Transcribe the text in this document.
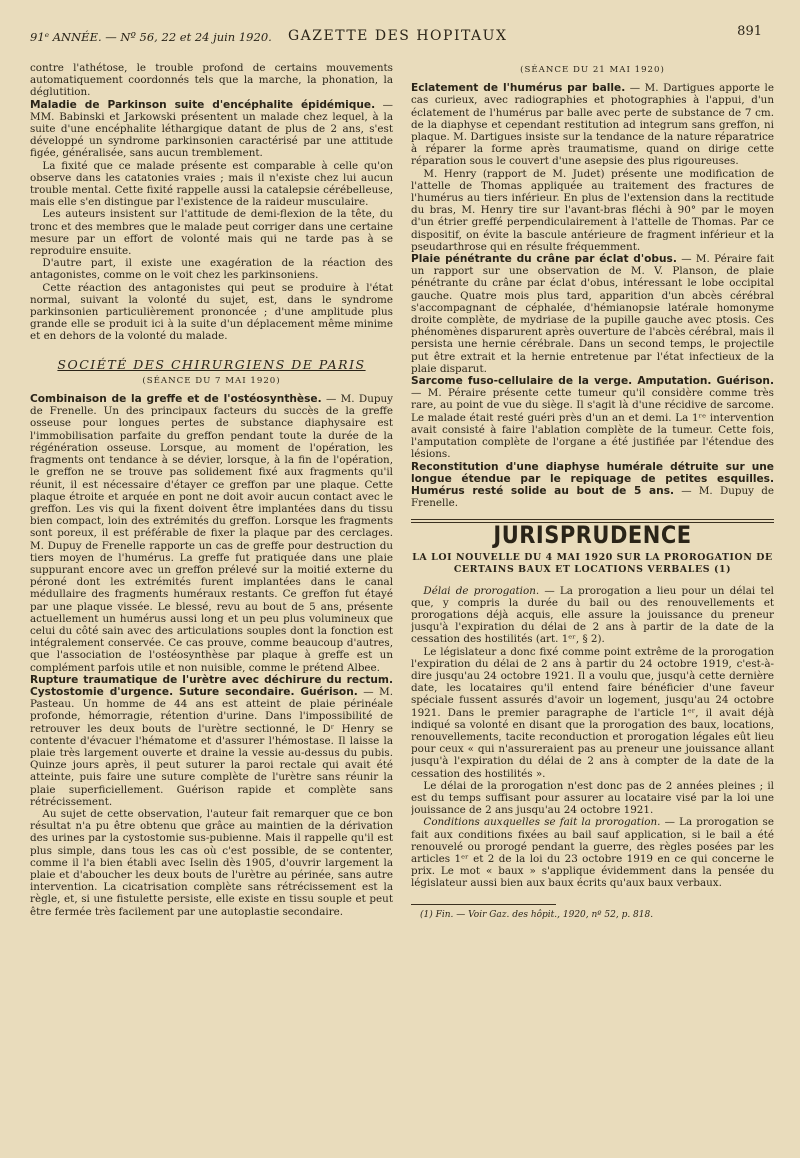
91ᵉ ANNÉE. — Nº 56, 22 et 24 juin 1920. GAZETTE DES HOPITAUX	891

contre l'athétose, le trouble profond de certains mouvements automatiquement coordonnés tels que la marche, la phonation, la déglutition.

Maladie de Parkinson suite d'encéphalite épidémique. — MM. Babinski et Jarkowski présentent un malade chez lequel, à la suite d'une encéphalite léthargique datant de plus de 2 ans, s'est développé un syndrome parkinsonien caractérisé par une attitude figée, généralisée, sans aucun tremblement.

La fixité que ce malade présente est comparable à celle qu'on observe dans les catatonies vraies ; mais il n'existe chez lui aucun trouble mental. Cette fixité rappelle aussi la catalepsie cérébelleuse, mais elle s'en distingue par l'existence de la raideur musculaire.

Les auteurs insistent sur l'attitude de demi-flexion de la tête, du tronc et des membres que le malade peut corriger dans une certaine mesure par un effort de volonté mais qui ne tarde pas à se reproduire ensuite.

D'autre part, il existe une exagération de la réaction des antagonistes, comme on le voit chez les parkinsoniens.

Cette réaction des antagonistes qui peut se produire à l'état normal, suivant la volonté du sujet, est, dans le syndrome parkinsonien particulièrement prononcée ; d'une amplitude plus grande elle se produit ici à la suite d'un déplacement même minime et en dehors de la volonté du malade.

SOCIÉTÉ DES CHIRURGIENS DE PARIS
(SÉANCE DU 7 MAI 1920)

Combinaison de la greffe et de l'ostéosynthèse. — M. Dupuy de Frenelle. Un des principaux facteurs du succès de la greffe osseuse pour longues pertes de substance diaphysaire est l'immobilisation parfaite du greffon pendant toute la durée de la régénération osseuse. Lorsque, au moment de l'opération, les fragments ont tendance à se dévier, lorsque, à la fin de l'opération, le greffon ne se trouve pas solidement fixé aux fragments qu'il réunit, il est nécessaire d'étayer ce greffon par une plaque. Cette plaque étroite et arquée en pont ne doit avoir aucun contact avec le greffon. Les vis qui la fixent doivent être implantées dans du tissu bien compact, loin des extrémités du greffon. Lorsque les fragments sont poreux, il est préférable de fixer la plaque par des cerclages. M. Dupuy de Frenelle rapporte un cas de greffe pour destruction du tiers moyen de l'humérus. La greffe fut pratiquée dans une plaie suppurant encore avec un greffon prélevé sur la moitié externe du péroné dont les extrémités furent implantées dans le canal médullaire des fragments huméraux restants. Ce greffon fut étayé par une plaque vissée. Le blessé, revu au bout de 5 ans, présente actuellement un humérus aussi long et un peu plus volumineux que celui du côté sain avec des articulations souples dont la fonction est intégralement conservée. Ce cas prouve, comme beaucoup d'autres, que l'association de l'ostéosynthèse par plaque à greffe est un complément parfois utile et non nuisible, comme le prétend Albee.

Rupture traumatique de l'urètre avec déchirure du rectum. Cystostomie d'urgence. Suture secondaire. Guérison. — M. Pasteau. Un homme de 44 ans est atteint de plaie périnéale profonde, hémorragie, rétention d'urine. Dans l'impossibilité de retrouver les deux bouts de l'urètre sectionné, le Dʳ Henry se contente d'évacuer l'hématome et d'assurer l'hémostase. Il laisse la plaie très largement ouverte et draine la vessie au-dessus du pubis. Quinze jours après, il peut suturer la paroi rectale qui avait été atteinte, puis faire une suture complète de l'urètre sans réunir la plaie superficiellement. Guérison rapide et complète sans rétrécissement.

Au sujet de cette observation, l'auteur fait remarquer que ce bon résultat n'a pu être obtenu que grâce au maintien de la dérivation des urines par la cystostomie sus-pubienne. Mais il rappelle qu'il est plus simple, dans tous les cas où c'est possible, de se contenter, comme il l'a bien établi avec Iselin dès 1905, d'ouvrir largement la plaie et d'aboucher les deux bouts de l'urètre au périnée, sans autre intervention. La cicatrisation complète sans rétrécissement est la règle, et, si une fistulette persiste, elle existe en tissu souple et peut être fermée très facilement par une autoplastie secondaire.

(SÉANCE DU 21 MAI 1920)

Eclatement de l'humérus par balle. — M. Dartigues apporte le cas curieux, avec radiographies et photographies à l'appui, d'un éclatement de l'humérus par balle avec perte de substance de 7 cm. de la diaphyse et cependant restitution ad integrum sans greffon, ni plaque. M. Dartigues insiste sur la tendance de la nature réparatrice à réparer la forme après traumatisme, quand on dirige cette réparation sous le couvert d'une asepsie des plus rigoureuses.

M. Henry (rapport de M. Judet) présente une modification de l'attelle de Thomas appliquée au traitement des fractures de l'humérus au tiers inférieur. En plus de l'extension dans la rectitude du bras, M. Henry tire sur l'avant-bras fléchi à 90° par le moyen d'un étrier greffé perpendiculairement à l'attelle de Thomas. Par ce dispositif, on évite la bascule antérieure de fragment inférieur et la pseudarthrose qui en résulte fréquemment.

Plaie pénétrante du crâne par éclat d'obus. — M. Péraire fait un rapport sur une observation de M. V. Planson, de plaie pénétrante du crâne par éclat d'obus, intéressant le lobe occipital gauche. Quatre mois plus tard, apparition d'un abcès cérébral s'accompagnant de céphalée, d'hémianopsie latérale homonyme droite complète, de mydriase de la pupille gauche avec ptosis. Ces phénomènes disparurent après ouverture de l'abcès cérébral, mais il persista une hernie cérébrale. Dans un second temps, le projectile put être extrait et la hernie entretenue par l'état infectieux de la plaie disparut.

Sarcome fuso-cellulaire de la verge. Amputation. Guérison. — M. Péraire présente cette tumeur qu'il considère comme très rare, au point de vue du siège. Il s'agit là d'une récidive de sarcome. Le malade était resté guéri près d'un an et demi. La 1ʳᵉ intervention avait consisté à faire l'ablation complète de la tumeur. Cette fois, l'amputation complète de l'organe a été justifiée par l'étendue des lésions.

Reconstitution d'une diaphyse humérale détruite sur une longue étendue par le repiquage de petites esquilles. Humérus resté solide au bout de 5 ans. — M. Dupuy de Frenelle.

JURISPRUDENCE
LA LOI NOUVELLE DU 4 MAI 1920 SUR LA PROROGATION DE CERTAINS BAUX ET LOCATIONS VERBALES (1)

Délai de prorogation. — La prorogation a lieu pour un délai tel que, y compris la durée du bail ou des renouvellements et prorogations déjà acquis, elle assure la jouissance du preneur jusqu'à l'expiration du délai de 2 ans à partir de la date de la cessation des hostilités (art. 1ᵉʳ, § 2).

Le législateur a donc fixé comme point extrême de la prorogation l'expiration du délai de 2 ans à partir du 24 octobre 1919, c'est-à-dire jusqu'au 24 octobre 1921. Il a voulu que, jusqu'à cette dernière date, les locataires qu'il entend faire bénéficier d'une faveur spéciale fussent assurés d'avoir un logement, jusqu'au 24 octobre 1921. Dans le premier paragraphe de l'article 1ᵉʳ, il avait déjà indiqué sa volonté en disant que la prorogation des baux, locations, renouvellements, tacite reconduction et prorogation légales eût lieu pour ceux « qui n'assureraient pas au preneur une jouissance allant jusqu'à l'expiration du délai de 2 ans à compter de la date de la cessation des hostilités ».

Le délai de la prorogation n'est donc pas de 2 années pleines ; il est du temps suffisant pour assurer au locataire visé par la loi une jouissance de 2 ans jusqu'au 24 octobre 1921.

Conditions auxquelles se fait la prorogation. — La prorogation se fait aux conditions fixées au bail sauf application, si le bail a été renouvelé ou prorogé pendant la guerre, des règles posées par les articles 1ᵉʳ et 2 de la loi du 23 octobre 1919 en ce qui concerne le prix. Le mot « baux » s'applique évidemment dans la pensée du législateur aussi bien aux baux écrits qu'aux baux verbaux.

(1) Fin. — Voir Gaz. des hôpit., 1920, nº 52, p. 818.
